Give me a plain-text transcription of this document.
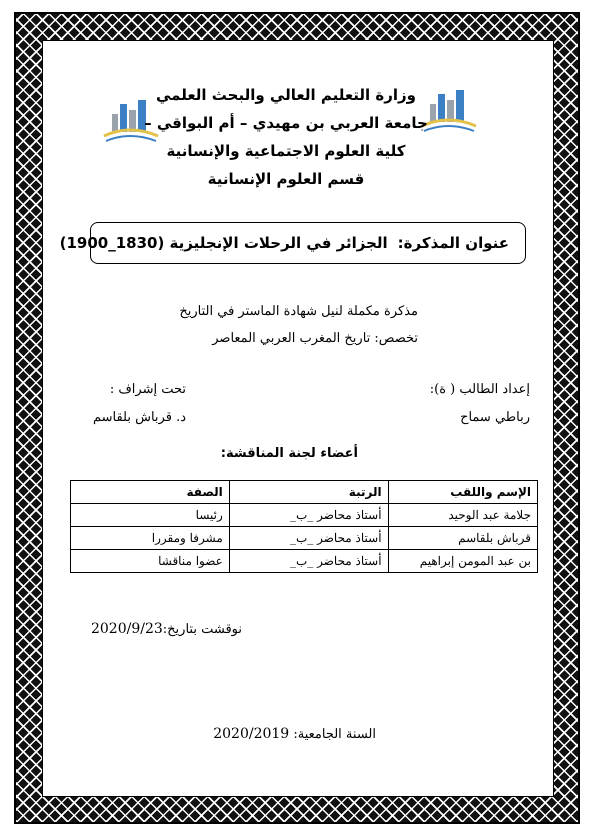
وزارة التعليم العالي والبحث العلمي
جامعة العربي بن مهيدي – أم البواقي –
كلية العلوم الاجتماعية والإنسانية
قسم العلوم الإنسانية
عنوان المذكرة:
الجزائر في الرحلات الإنجليزية (1830_1900)
مذكرة مكملة لنيل شهادة الماستر في التاريخ
تخصص: تاريخ المغرب العربي المعاصر
إعداد الطالب ( ة):
رباطي سماح
تحت إشراف :
د. قرباش بلقاسم
أعضاء لجنة المناقشة:
الإسم واللقب	الرتبة	الصفة
جلامة عبد الوحيد	أستاذ محاضر _ب_	رئيسا
قرباش بلقاسم	أستاذ محاضر _ب_	مشرفا ومقررا
بن عبد المومن إبراهيم	أستاذ محاضر _ب_	عضوا مناقشا
نوقشت بتاريخ:2020/9/23
السنة الجامعية: 2020/2019
